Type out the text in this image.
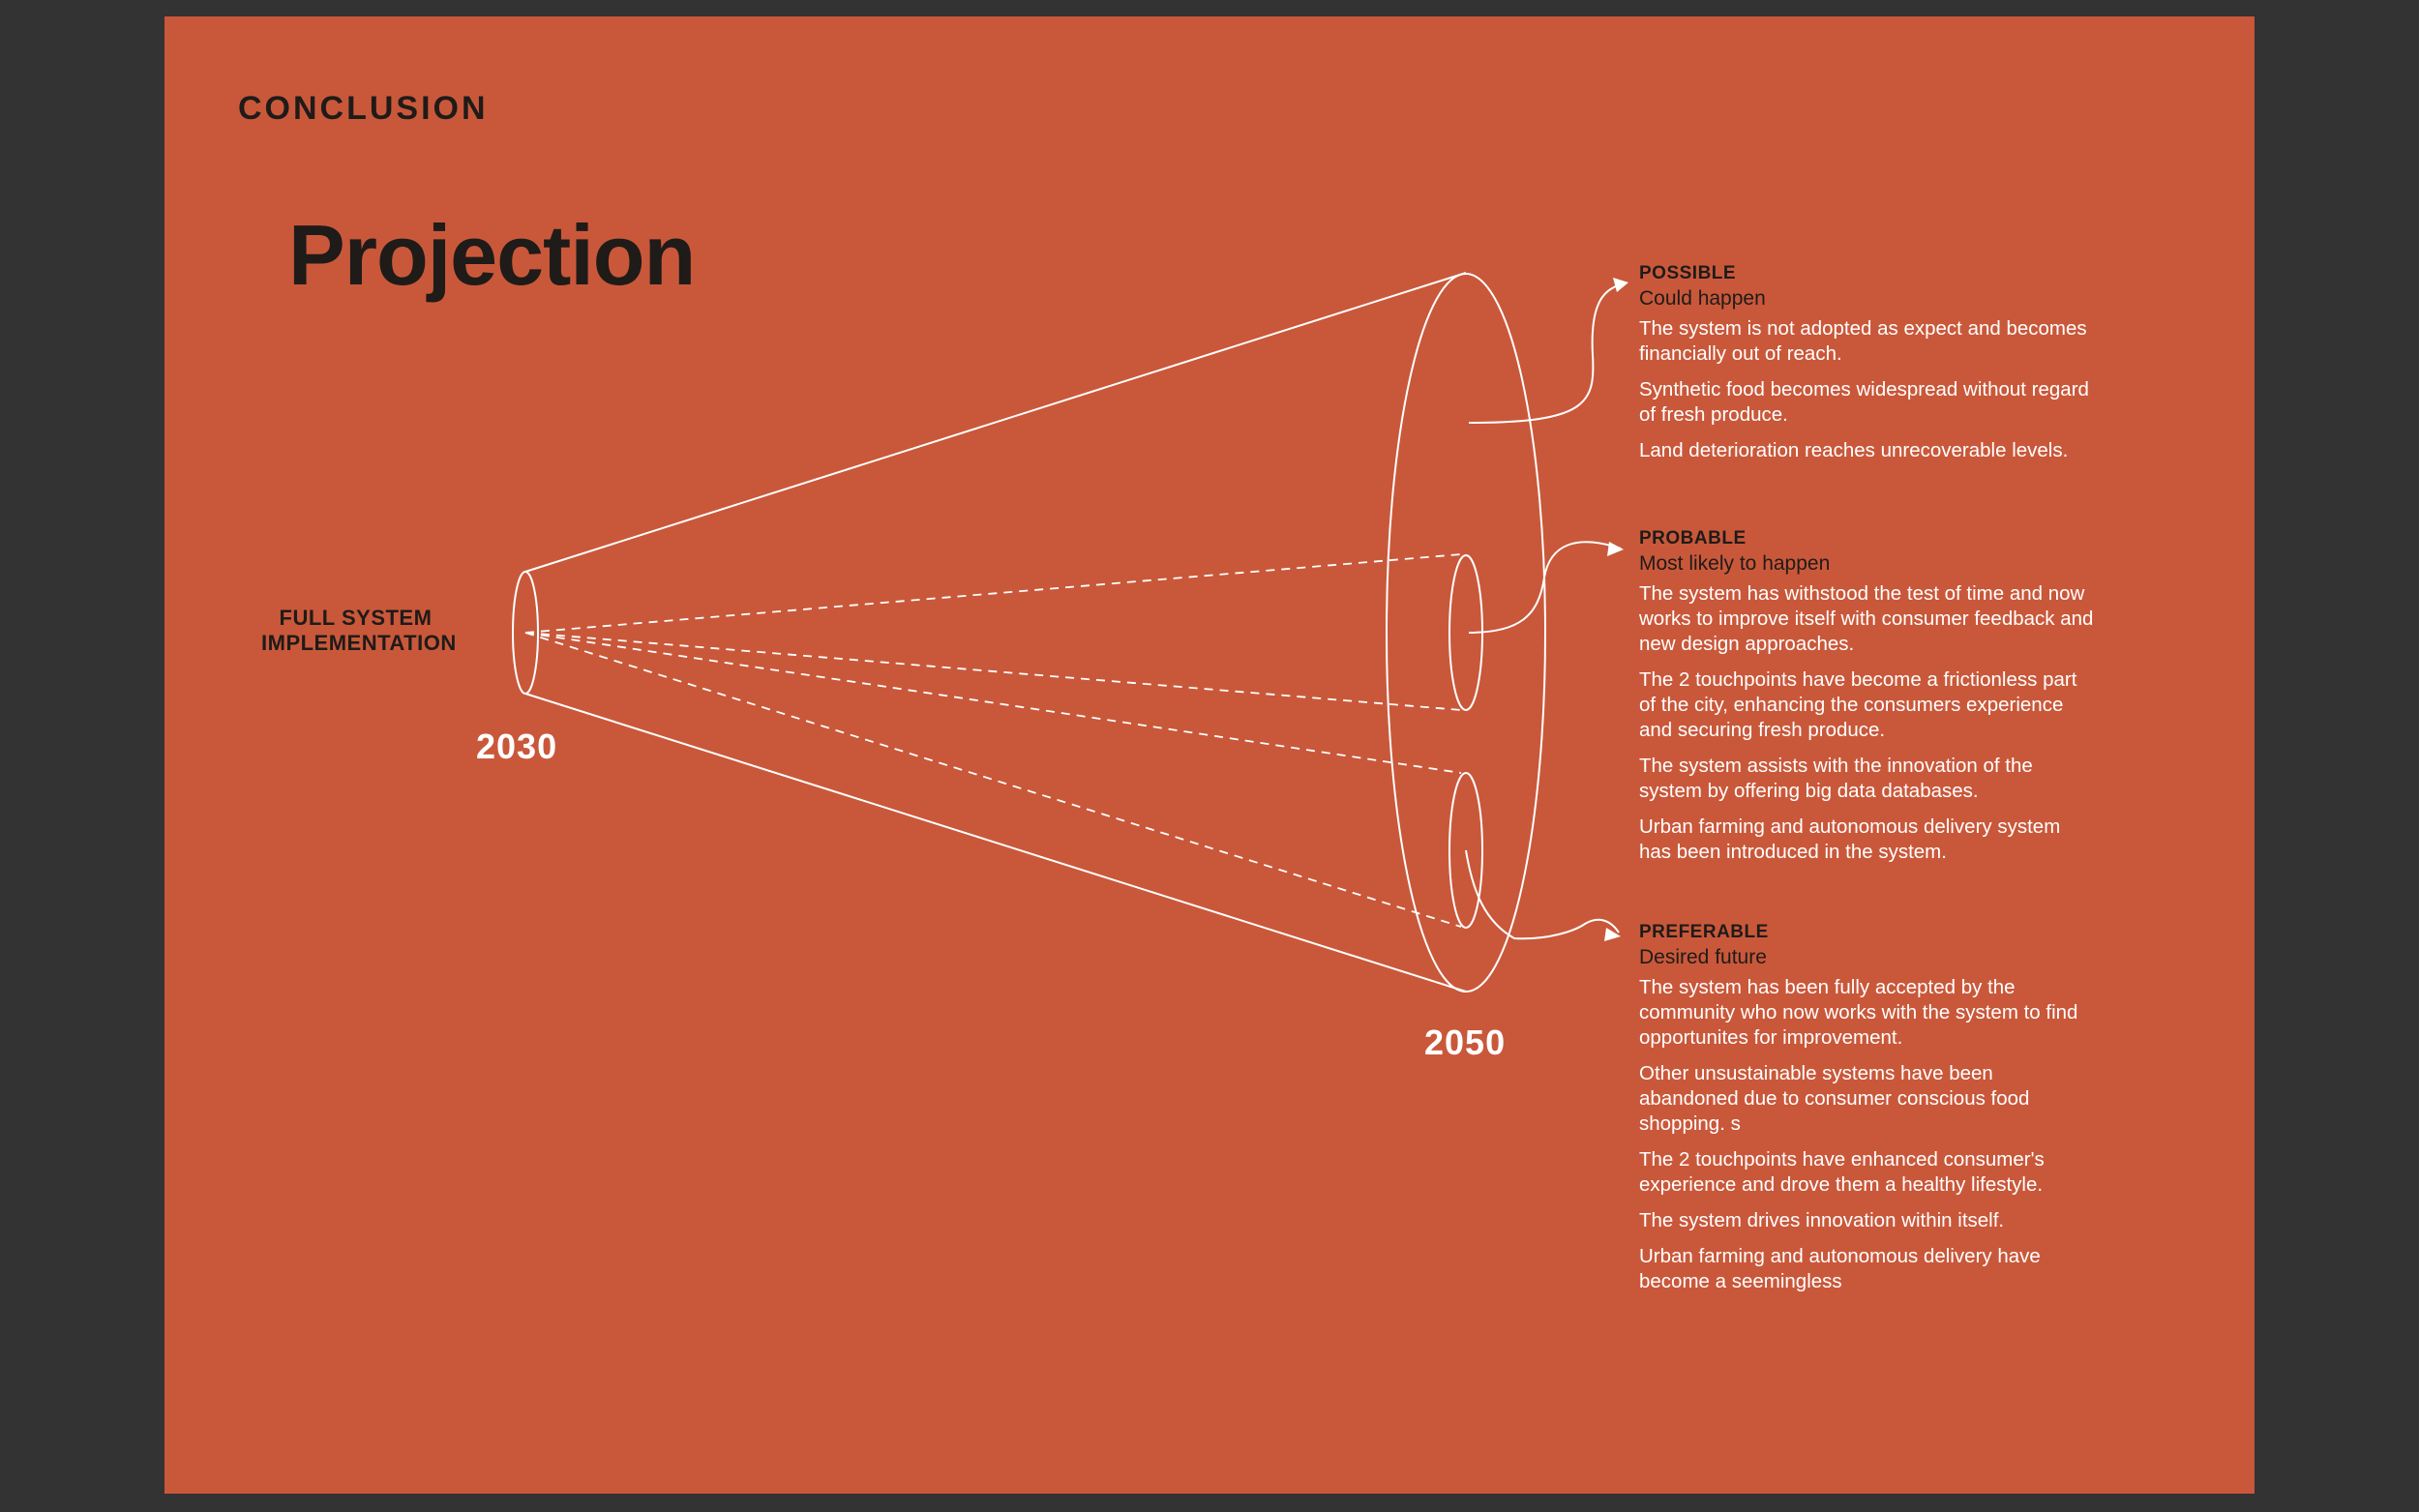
CONCLUSION
Projection
FULL SYSTEM
IMPLEMENTATION
2030
2050
POSSIBLE
Could happen
The system is not adopted as expect and becomes financially out of reach.
Synthetic food becomes widespread without regard of fresh produce.
Land deterioration reaches unrecoverable levels.
PROBABLE
Most likely to happen
The system has withstood the test of time and now works to improve itself with consumer feedback and new design approaches.
The 2 touchpoints have become a frictionless part of the city, enhancing the consumers experience and securing fresh produce.
The system assists with the innovation of the system by offering big data databases.
Urban farming and autonomous delivery system has been introduced in the system.
PREFERABLE
Desired future
The system has been fully accepted by the community who now works with the system to find opportunites for improvement.
Other unsustainable systems have been abandoned due to consumer conscious food shopping. s
The 2 touchpoints have enhanced consumer's experience and drove them a healthy lifestyle.
The system drives innovation within itself.
Urban farming and autonomous delivery have become a seemingless
